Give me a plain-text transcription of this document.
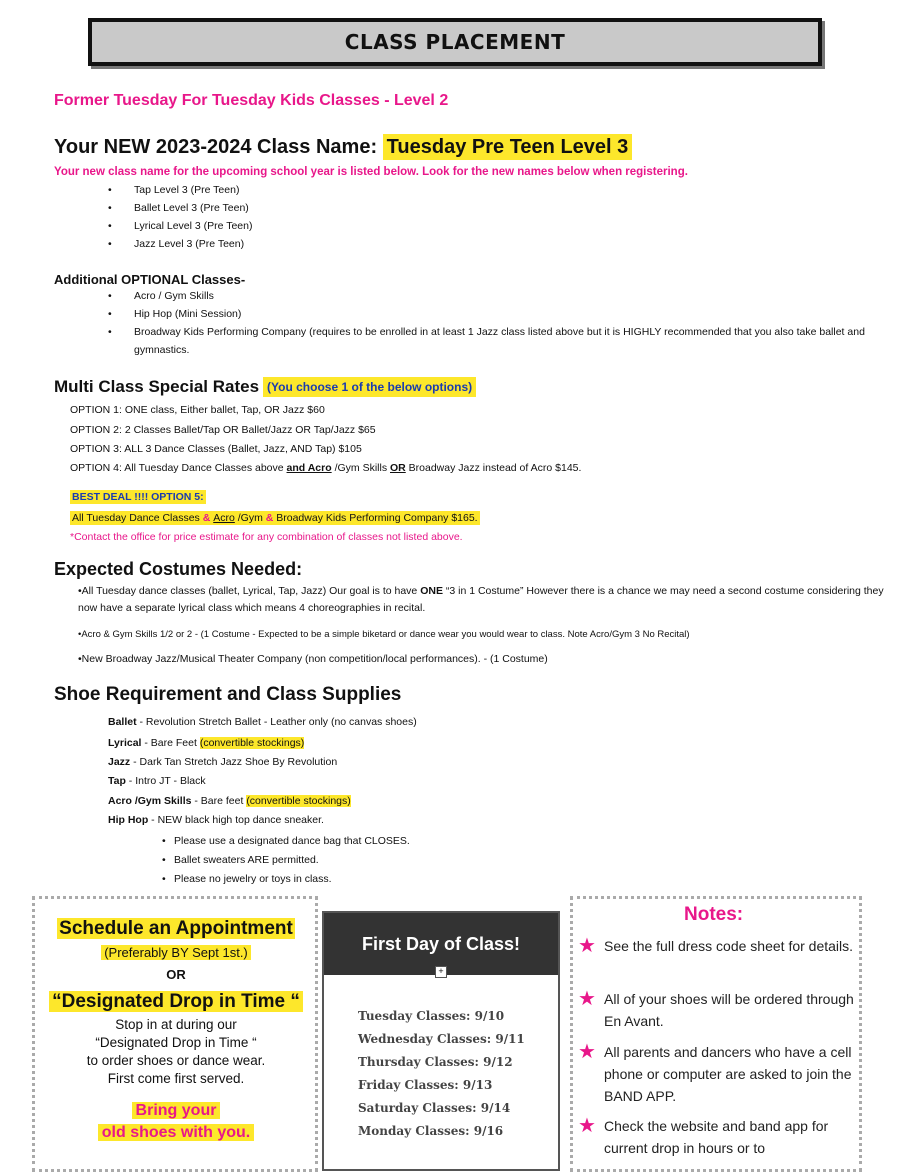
CLASS PLACEMENT
Former Tuesday For Tuesday Kids Classes - Level 2
Your NEW 2023-2024 Class Name: Tuesday Pre Teen Level 3
Your new class name for the upcoming school year is listed below. Look for the new names below when registering.
• Tap Level 3 (Pre Teen)
• Ballet Level 3 (Pre Teen)
• Lyrical Level 3 (Pre Teen)
• Jazz Level 3 (Pre Teen)
Additional OPTIONAL Classes-
• Acro / Gym Skills
• Hip Hop (Mini Session)
• Broadway Kids Performing Company (requires to be enrolled in at least 1 Jazz class listed above but it is HIGHLY recommended that you also take ballet and gymnastics.
Multi Class Special Rates (You choose 1 of the below options)
OPTION 1: ONE class, Either ballet, Tap, OR Jazz $60
OPTION 2: 2 Classes Ballet/Tap OR Ballet/Jazz OR Tap/Jazz $65
OPTION 3: ALL 3 Dance Classes (Ballet, Jazz, AND Tap) $105
OPTION 4: All Tuesday Dance Classes above and Acro /Gym Skills OR Broadway Jazz instead of Acro $145.
BEST DEAL !!!! OPTION 5:
All Tuesday Dance Classes & Acro /Gym & Broadway Kids Performing Company $165.
*Contact the office for price estimate for any combination of classes not listed above.
Expected Costumes Needed:
•All Tuesday dance classes (ballet, Lyrical, Tap, Jazz) Our goal is to have ONE “3 in 1 Costume” However there is a chance we may need a second costume considering they now have a separate lyrical class which means 4 choreographies in recital.
•Acro & Gym Skills 1/2 or 2 - (1 Costume - Expected to be a simple biketard or dance wear you would wear to class. Note Acro/Gym 3 No Recital)
•New Broadway Jazz/Musical Theater Company (non competition/local performances). - (1 Costume)
Shoe Requirement and Class Supplies
Ballet - Revolution Stretch Ballet - Leather only (no canvas shoes)
Lyrical - Bare Feet (convertible stockings)
Jazz - Dark Tan Stretch Jazz Shoe By Revolution
Tap - Intro JT - Black
Acro /Gym Skills - Bare feet (convertible stockings)
Hip Hop - NEW black high top dance sneaker.
• Please use a designated dance bag that CLOSES.
• Ballet sweaters ARE permitted.
• Please no jewelry or toys in class.
Schedule an Appointment
(Preferably BY Sept 1st.)
OR
“Designated Drop in Time “
Stop in at during our
“Designated Drop in Time “
to order shoes or dance wear.
First come first served.
Bring your
old shoes with you.
First Day of Class!
Tuesday Classes: 9/10
Wednesday Classes: 9/11
Thursday Classes: 9/12
Friday Classes: 9/13
Saturday Classes: 9/14
Monday Classes: 9/16
+
Notes:
★ See the full dress code sheet for details.
★ All of your shoes will be ordered through En Avant.
★ All parents and dancers who have a cell phone or computer are asked to join the BAND APP.
★ Check the website and band app for current drop in hours or to
